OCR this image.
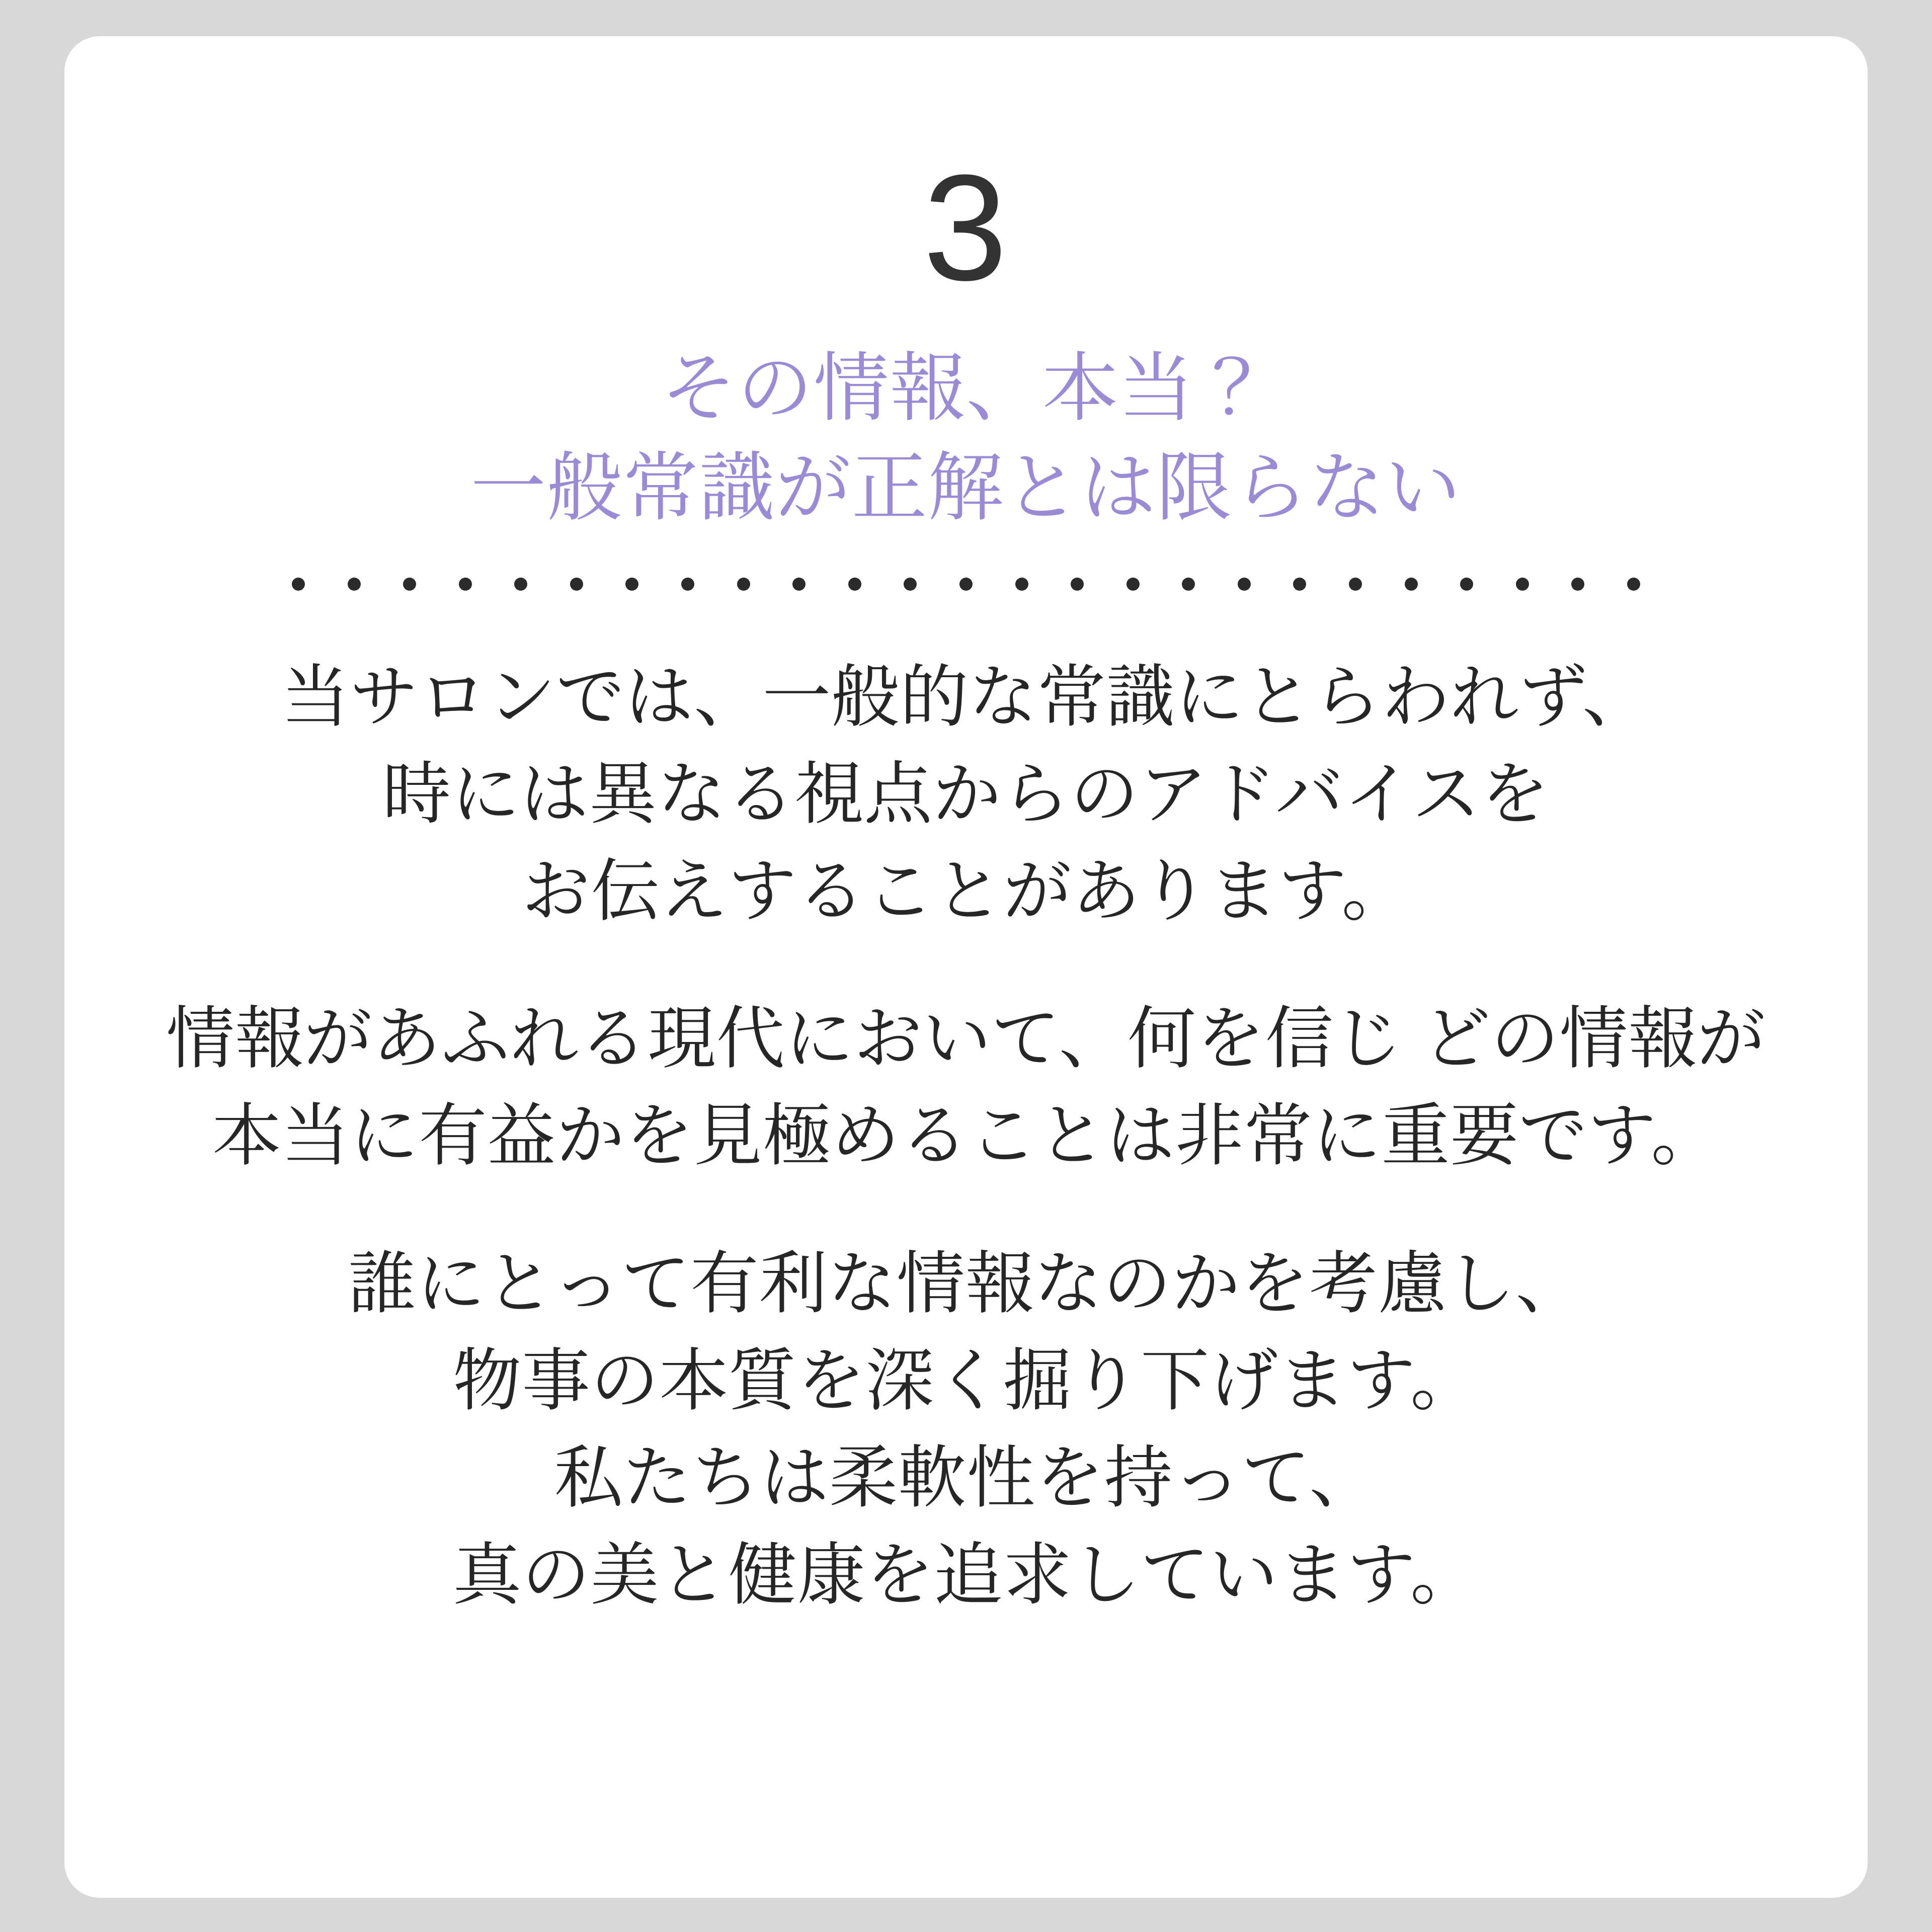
3
その情報、本当？
一般常識が正解とは限らない
当サロンでは、一般的な常識にとらわれず、
時には異なる視点からのアドバイスを
お伝えすることがあります。
情報があふれる現代において、何を信じ どの情報が
本当に有益かを見極めることは非常に重要です。
誰にとって有利な情報なのかを考慮し、
物事の本質を深く掘り下げます。
私たちは柔軟性を持って、
真の美と健康を追求しています。
